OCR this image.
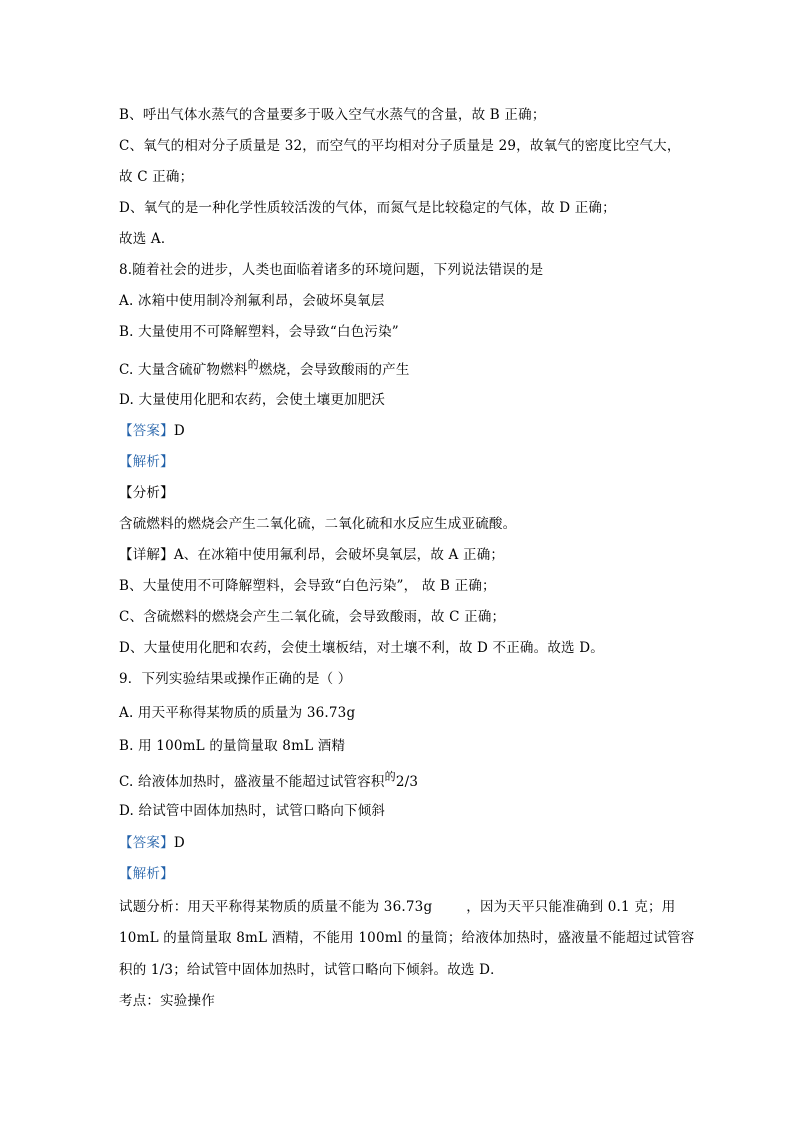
B、呼出气体水蒸气的含量要多于吸入空气水蒸气的含量，故 B 正确；
C、氧气的相对分子质量是 32，而空气的平均相对分子质量是 29，故氧气的密度比空气大，
故 C 正确；
D、氧气的是一种化学性质较活泼的气体，而氮气是比较稳定的气体，故 D 正确；
故选 A．
8.随着社会的进步，人类也面临着诸多的环境问题，下列说法错误的是
A. 冰箱中使用制冷剂氟利昂，会破坏臭氧层
B. 大量使用不可降解塑料，会导致“白色污染”
C. 大量含硫矿物燃料$^的$燃烧，会导致酸雨的产生
D. 大量使用化肥和农药，会使土壤更加肥沃
【答案】D
【解析】
【分析】
含硫燃料的燃烧会产生二氧化硫，二氧化硫和水反应生成亚硫酸。
【详解】A、在冰箱中使用氟利昂，会破坏臭氧层，故 A 正确；
B、大量使用不可降解塑料，会导致“白色污染”， 故 B 正确；
C、含硫燃料的燃烧会产生二氧化硫，会导致酸雨，故 C 正确；
D、大量使用化肥和农药，会使土壤板结，对土壤不利，故 D 不正确。故选 D。
9．下列实验结果或操作正确的是（ ）
A. 用天平称得某物质的质量为 36.73g
B. 用 100mL 的量筒量取 8mL 酒精
C. 给液体加热时，盛液量不能超过试管容积$^的$2/3
D. 给试管中固体加热时，试管口略向下倾斜
【答案】D
【解析】
试题分析：用天平称得某物质的质量不能为 36.73g	，因为天平只能准确到 0.1 克；用
10mL 的量筒量取 8mL 酒精，不能用 100ml 的量筒；给液体加热时，盛液量不能超过试管容
积的 1/3；给试管中固体加热时，试管口略向下倾斜。故选 D．
考点：实验操作
